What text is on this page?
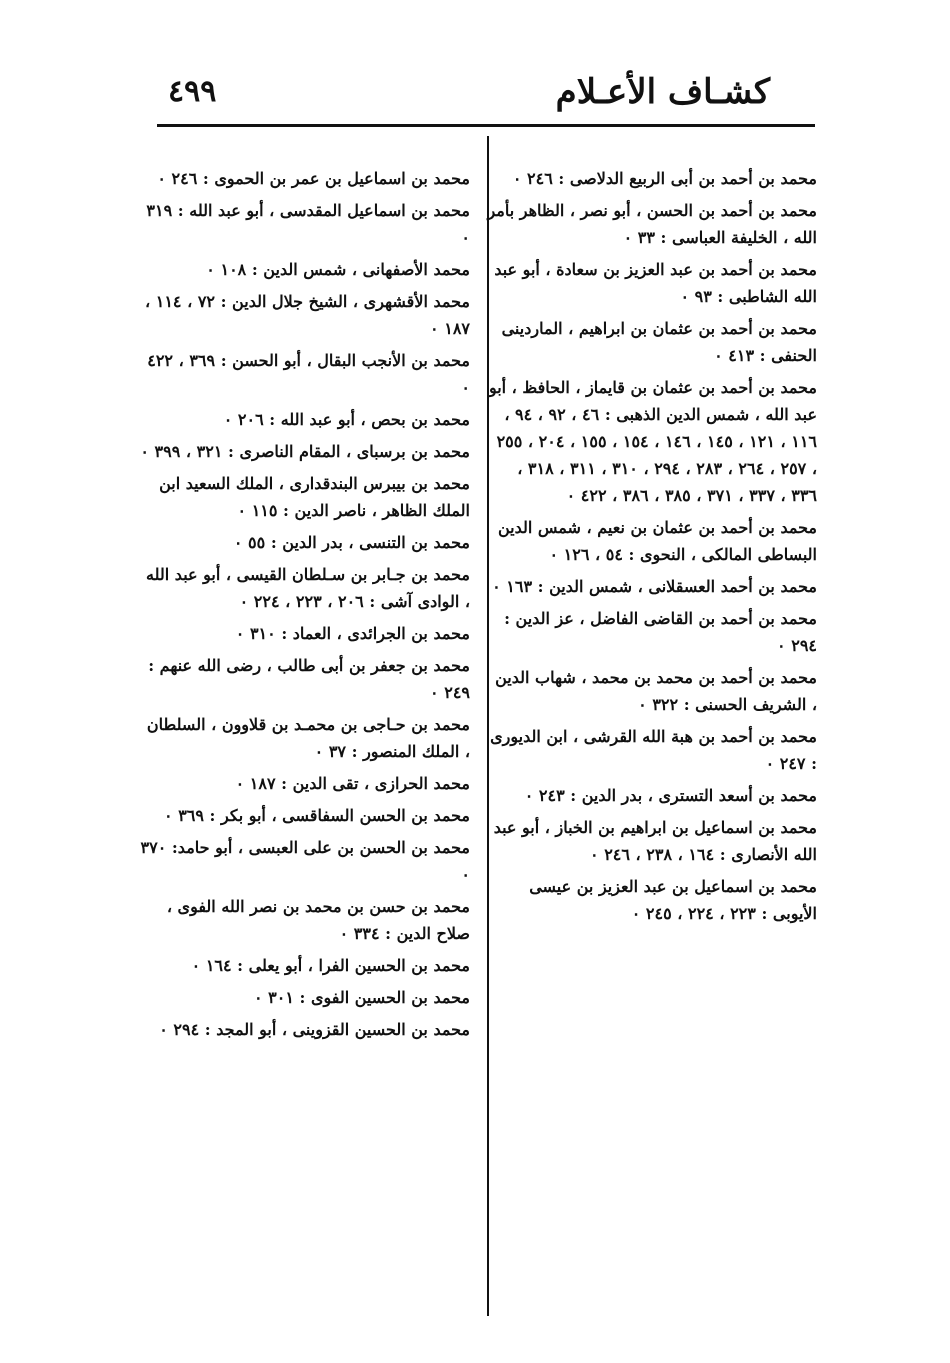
كشـاف الأعـلام
٤٩٩
محمد بن أحمد بن أبى الربيع الدلاصى :٢٤٦ ٠
محمد بن أحمد بن الحسن ، أبو نصر ، الظاهر بأمر الله ، الخليفة العباسى :٣٣ ٠
محمد بن أحمد بن عبد العزيز بن سعادة ، أبو عبد الله الشاطبى :٩٣ ٠
محمد بن أحمد بن عثمان بن ابراهيم ، الماردينى الحنفى :٤١٣ ٠
محمد بن أحمد بن عثمان بن قايماز ، الحافظ ، أبو عبد الله ، شمس الدين الذهبى :٤٦ ، ٩٢ ، ٩٤ ، ١١٦ ، ١٢١ ، ١٤٥ ، ١٤٦ ، ١٥٤ ، ١٥٥ ، ٢٠٤ ، ٢٥٥ ، ٢٥٧ ، ٢٦٤ ، ٢٨٣ ، ٢٩٤ ، ٣١٠ ، ٣١١ ، ٣١٨ ، ٣٣٦ ، ٣٣٧ ، ٣٧١ ، ٣٨٥ ، ٣٨٦ ، ٤٢٢ ٠
محمد بن أحمد بن عثمان بن نعيم ، شمس الدين البساطى المالكى ، النحوى :٥٤ ، ١٢٦ ٠
محمد بن أحمد العسقلانى ، شمس الدين :١٦٣ ٠
محمد بن أحمد بن القاضى الفاضل ، عز الدين :٢٩٤ ٠
محمد بن أحمد بن محمد بن محمد ، شهاب الدين ، الشريف الحسنى :٣٢٢ ٠
محمد بن أحمد بن هبة الله القرشى ، ابن الديورى :٢٤٧ ٠
محمد بن أسعد التسترى ، بدر الدين :٢٤٣ ٠
محمد بن اسماعيل بن ابراهيم بن الخباز ، أبو عبد الله الأنصارى :١٦٤ ، ٢٣٨ ، ٢٤٦ ٠
محمد بن اسماعيل بن عبد العزيز بن عيسى الأيوبى :٢٢٣ ، ٢٢٤ ، ٢٤٥ ٠
محمد بن اسماعيل بن عمر بن الحموى :٢٤٦ ٠
محمد بن اسماعيل المقدسى ، أبو عبد الله :٣١٩ ٠
محمد الأصفهانى ، شمس الدين :١٠٨ ٠
محمد الأقشهرى ، الشيخ جلال الدين :٧٢ ، ١١٤ ، ١٨٧ ٠
محمد بن الأنجب البقال ، أبو الحسن :٣٦٩ ، ٤٢٢ ٠
محمد بن بحص ، أبو عبد الله :٢٠٦ ٠
محمد بن برسباى ، المقام الناصرى :٣٢١ ، ٣٩٩ ٠
محمد بن بيبرس البندقدارى ، الملك السعيد ابن الملك الظاهر ، ناصر الدين :١١٥ ٠
محمد بن التنسى ، بدر الدين :٥٥ ٠
محمد بن جـابر بن سـلطان القيسى ، أبو عبد الله ، الوادى آشى :٢٠٦ ، ٢٢٣ ، ٢٢٤ ٠
محمد بن الجرائدى ، العماد :٣١٠ ٠
محمد بن جعفر بن أبى طالب ، رضى الله عنهم :٢٤٩ ٠
محمد بن حـاجى بن محمـد بن قلاوون ، السلطان ، الملك المنصور :٣٧ ٠
محمد الحرازى ، تقى الدين :١٨٧ ٠
محمد بن الحسن السفاقسى ، أبو بكر :٣٦٩ ٠
محمد بن الحسن بن على العبسى ، أبو حامد:٣٧٠ ٠
محمد بن حسن بن محمد بن نصر الله الفوى ، صلاح الدين :٣٣٤ ٠
محمد بن الحسين الفرا ، أبو يعلى :١٦٤ ٠
محمد بن الحسين الفوى :٣٠١ ٠
محمد بن الحسين القزوينى ، أبو المجد :٢٩٤ ٠
